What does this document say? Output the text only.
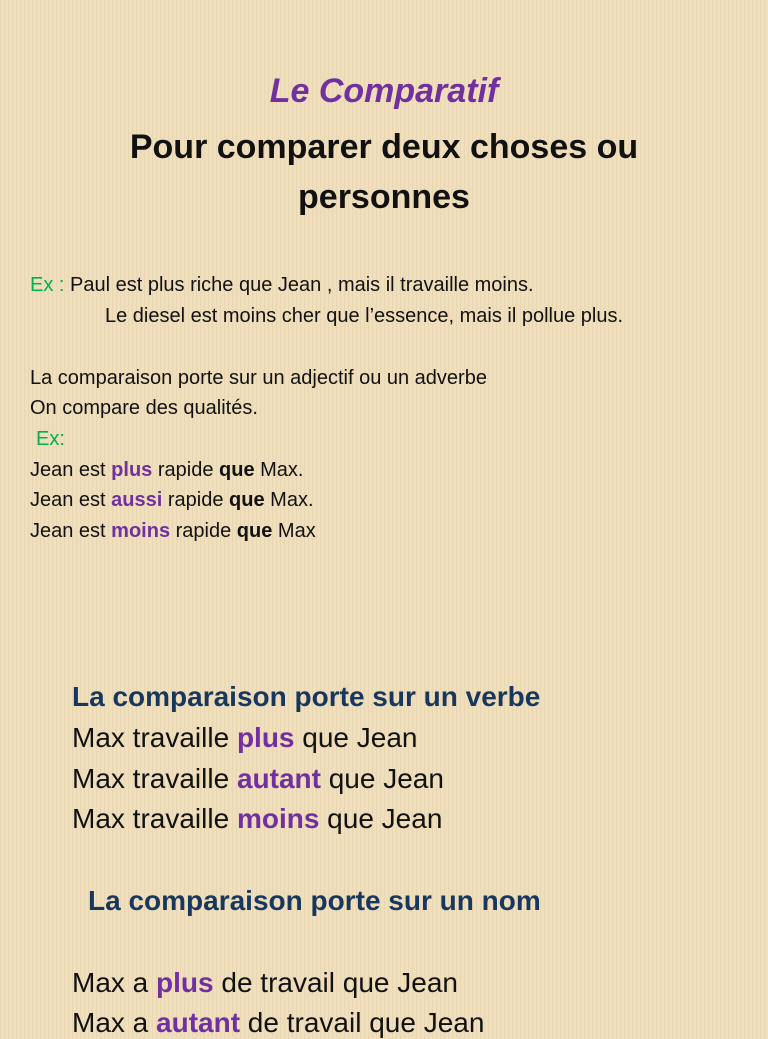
Le Comparatif
Pour comparer deux choses ou
personnes
Ex : Paul est plus riche que Jean , mais il travaille moins.
Le diesel est moins cher que l’essence, mais il pollue plus.
La comparaison porte sur un adjectif ou un adverbe
On compare des qualités.
Ex:
Jean est plus rapide que Max.
Jean est aussi rapide que Max.
Jean est moins rapide que Max
La comparaison porte sur un verbe
Max travaille plus que Jean
Max travaille autant que Jean
Max travaille moins que Jean
La comparaison porte sur un nom
Max a plus de travail que Jean
Max a autant de travail que Jean
